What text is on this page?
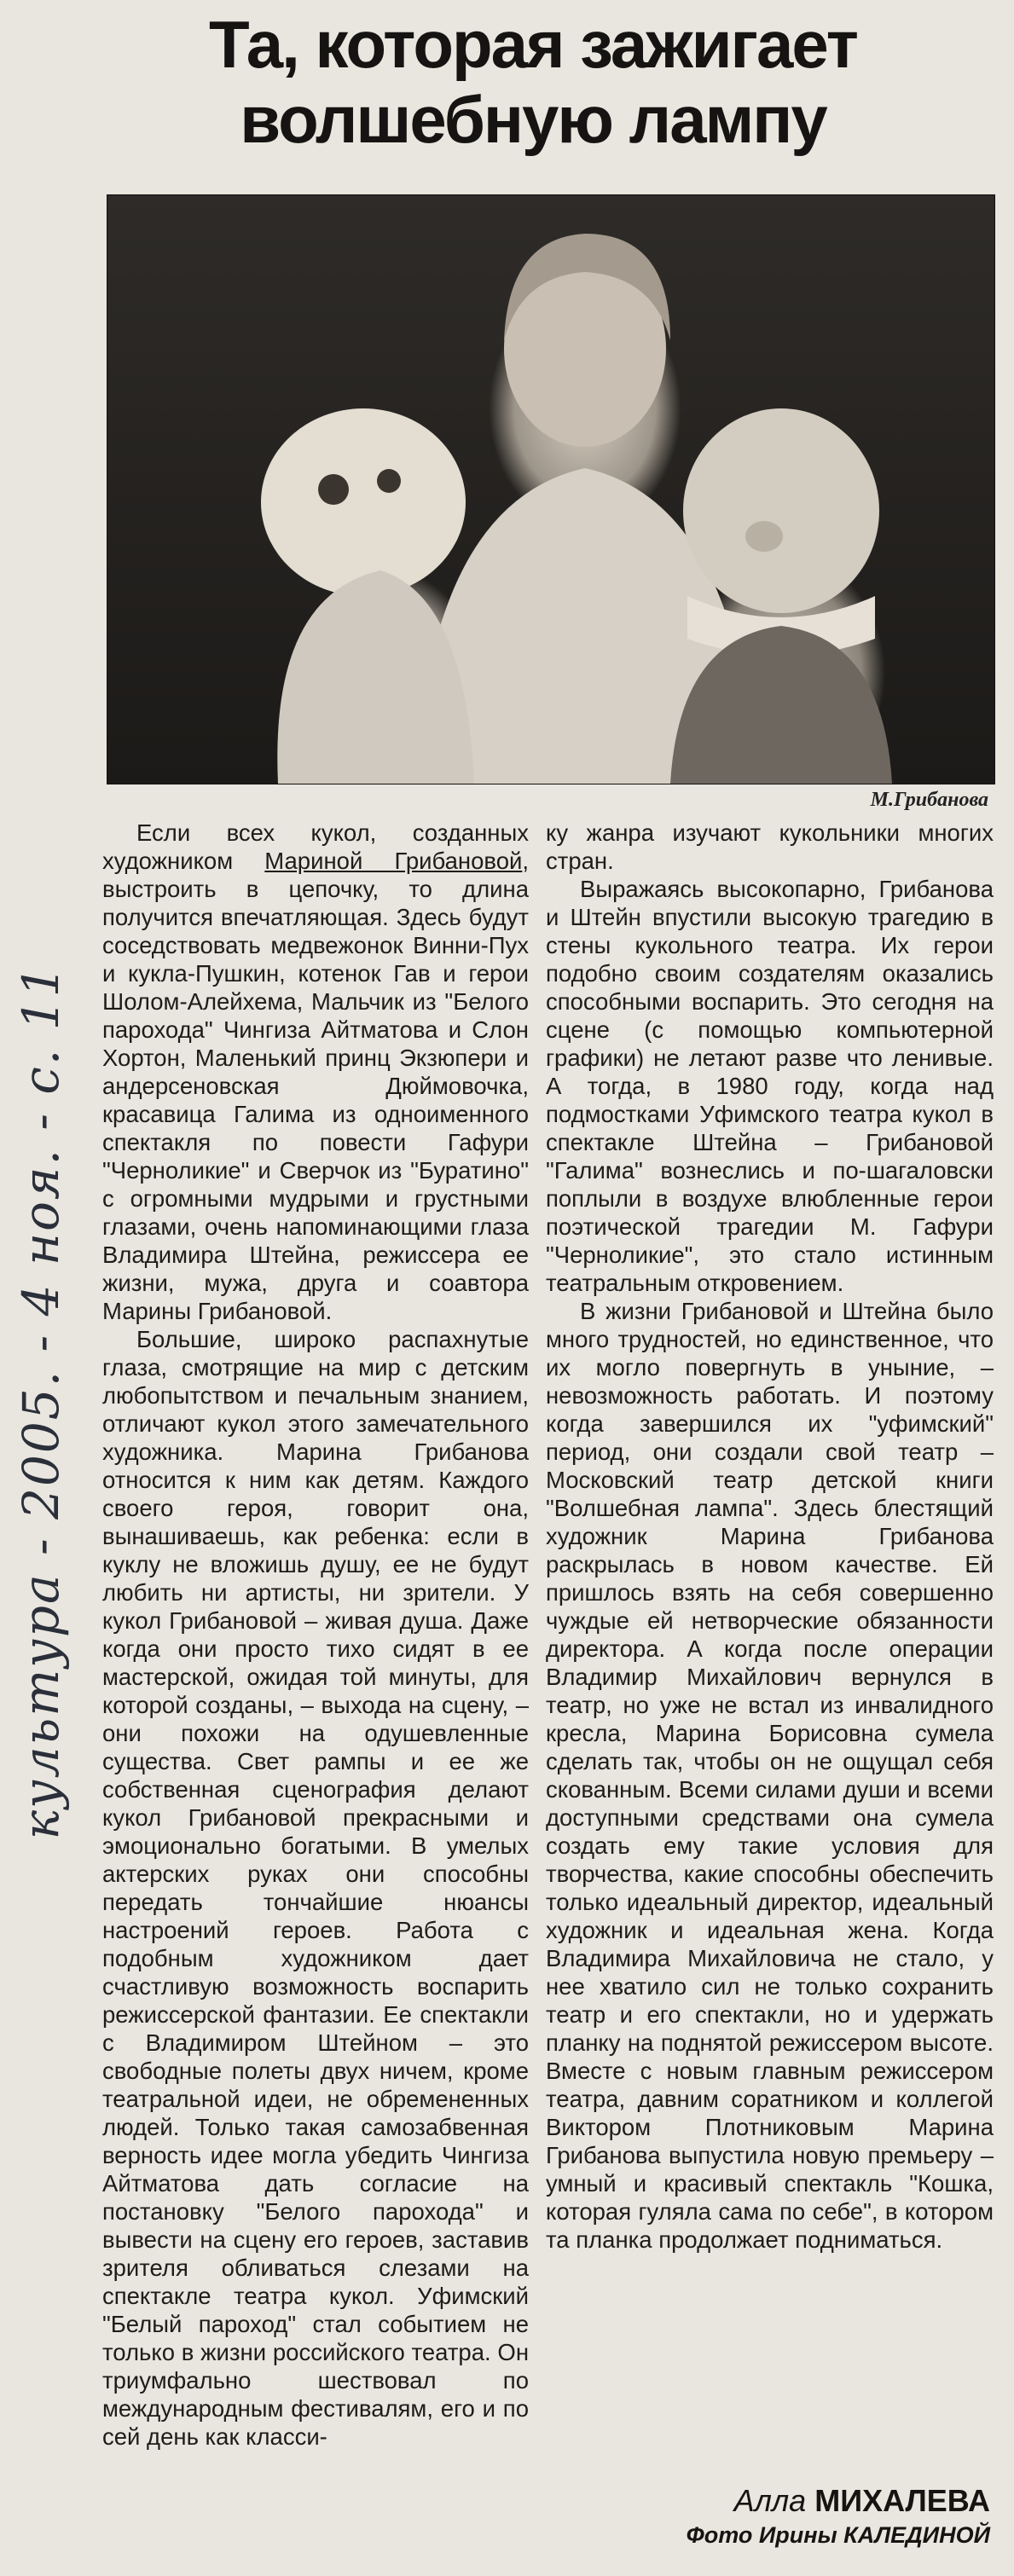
Та, которая зажигает
волшебную лампу
М.Грибанова
культура - 2005. - 4 ноя. - с. 11

Если всех кукол, созданных художником Мариной Грибановой, выстроить в цепочку, то длина получится впечатляющая. Здесь будут соседствовать медвежонок Винни-Пух и кукла-Пушкин, котенок Гав и герои Шолом-Алейхема, Мальчик из "Белого парохода" Чингиза Айтматова и Слон Хортон, Маленький принц Экзюпери и андерсеновская Дюймовочка, красавица Галима из одноименного спектакля по повести Гафури "Черноликие" и Сверчок из "Буратино" с огромными мудрыми и грустными глазами, очень напоминающими глаза Владимира Штейна, режиссера ее жизни, мужа, друга и соавтора Марины Грибановой.

Большие, широко распахнутые глаза, смотрящие на мир с детским любопытством и печальным знанием, отличают кукол этого замечательного художника. Марина Грибанова относится к ним как детям. Каждого своего героя, говорит она, вынашиваешь, как ребенка: если в куклу не вложишь душу, ее не будут любить ни артисты, ни зрители. У кукол Грибановой – живая душа. Даже когда они просто тихо сидят в ее мастерской, ожидая той минуты, для которой созданы, – выхода на сцену, – они похожи на одушевленные существа. Свет рампы и ее же собственная сценография делают кукол Грибановой прекрасными и эмоционально богатыми. В умелых актерских руках они способны передать тончайшие нюансы настроений героев. Работа с подобным художником дает счастливую возможность воспарить режиссерской фантазии. Ее спектакли с Владимиром Штейном – это свободные полеты двух ничем, кроме театральной идеи, не обремененных людей. Только такая самозабвенная верность идее могла убедить Чингиза Айтматова дать согласие на постановку "Белого парохода" и вывести на сцену его героев, заставив зрителя обливаться слезами на спектакле театра кукол. Уфимский "Белый пароход" стал событием не только в жизни российского театра. Он триумфально шествовал по международным фестивалям, его и по сей день как класси-

ку жанра изучают кукольники многих стран.

Выражаясь высокопарно, Грибанова и Штейн впустили высокую трагедию в стены кукольного театра. Их герои подобно своим создателям оказались способными воспарить. Это сегодня на сцене (с помощью компьютерной графики) не летают разве что ленивые. А тогда, в 1980 году, когда над подмостками Уфимского театра кукол в спектакле Штейна – Грибановой "Галима" вознеслись и по-шагаловски поплыли в воздухе влюбленные герои поэтической трагедии М. Гафури "Черноликие", это стало истинным театральным откровением.

В жизни Грибановой и Штейна было много трудностей, но единственное, что их могло повергнуть в уныние, – невозможность работать. И поэтому когда завершился их "уфимский" период, они создали свой театр – Московский театр детской книги "Волшебная лампа". Здесь блестящий художник Марина Грибанова раскрылась в новом качестве. Ей пришлось взять на себя совершенно чуждые ей нетворческие обязанности директора. А когда после операции Владимир Михайлович вернулся в театр, но уже не встал из инвалидного кресла, Марина Борисовна сумела сделать так, чтобы он не ощущал себя скованным. Всеми силами души и всеми доступными средствами она сумела создать ему такие условия для творчества, какие способны обеспечить только идеальный директор, идеальный художник и идеальная жена. Когда Владимира Михайловича не стало, у нее хватило сил не только сохранить театр и его спектакли, но и удержать планку на поднятой режиссером высоте. Вместе с новым главным режиссером театра, давним соратником и коллегой Виктором Плотниковым Марина Грибанова выпустила новую премьеру – умный и красивый спектакль "Кошка, которая гуляла сама по себе", в котором та планка продолжает подниматься.

Алла МИХАЛЕВА
Фото Ирины КАЛЕДИНОЙ
